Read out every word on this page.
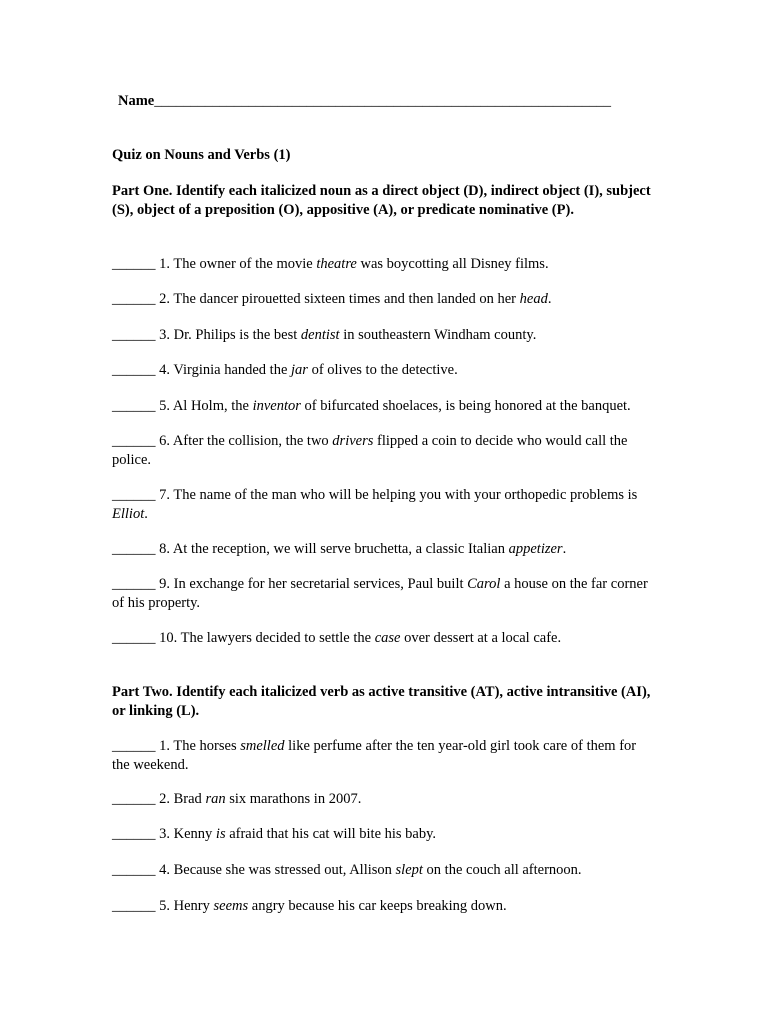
Name_______________________________________________________________
Quiz on Nouns and Verbs (1)
Part One. Identify each italicized noun as a direct object (D), indirect object (I), subject (S), object of a preposition (O), appositive (A), or predicate nominative (P).
______ 1. The owner of the movie theatre was boycotting all Disney films.
______ 2. The dancer pirouetted sixteen times and then landed on her head.
______ 3. Dr. Philips is the best dentist in southeastern Windham county.
______ 4. Virginia handed the jar of olives to the detective.
______ 5. Al Holm, the inventor of bifurcated shoelaces, is being honored at the banquet.
______ 6. After the collision, the two drivers flipped a coin to decide who would call the police.
______ 7. The name of the man who will be helping you with your orthopedic problems is Elliot.
______ 8. At the reception, we will serve bruchetta, a classic Italian appetizer.
______ 9. In exchange for her secretarial services, Paul built Carol a house on the far corner of his property.
______ 10. The lawyers decided to settle the case over dessert at a local cafe.
Part Two. Identify each italicized verb as active transitive (AT), active intransitive (AI), or linking (L).
______ 1. The horses smelled like perfume after the ten year-old girl took care of them for the weekend.
______ 2. Brad ran six marathons in 2007.
______ 3. Kenny is afraid that his cat will bite his baby.
______ 4. Because she was stressed out, Allison slept on the couch all afternoon.
______ 5. Henry seems angry because his car keeps breaking down.
